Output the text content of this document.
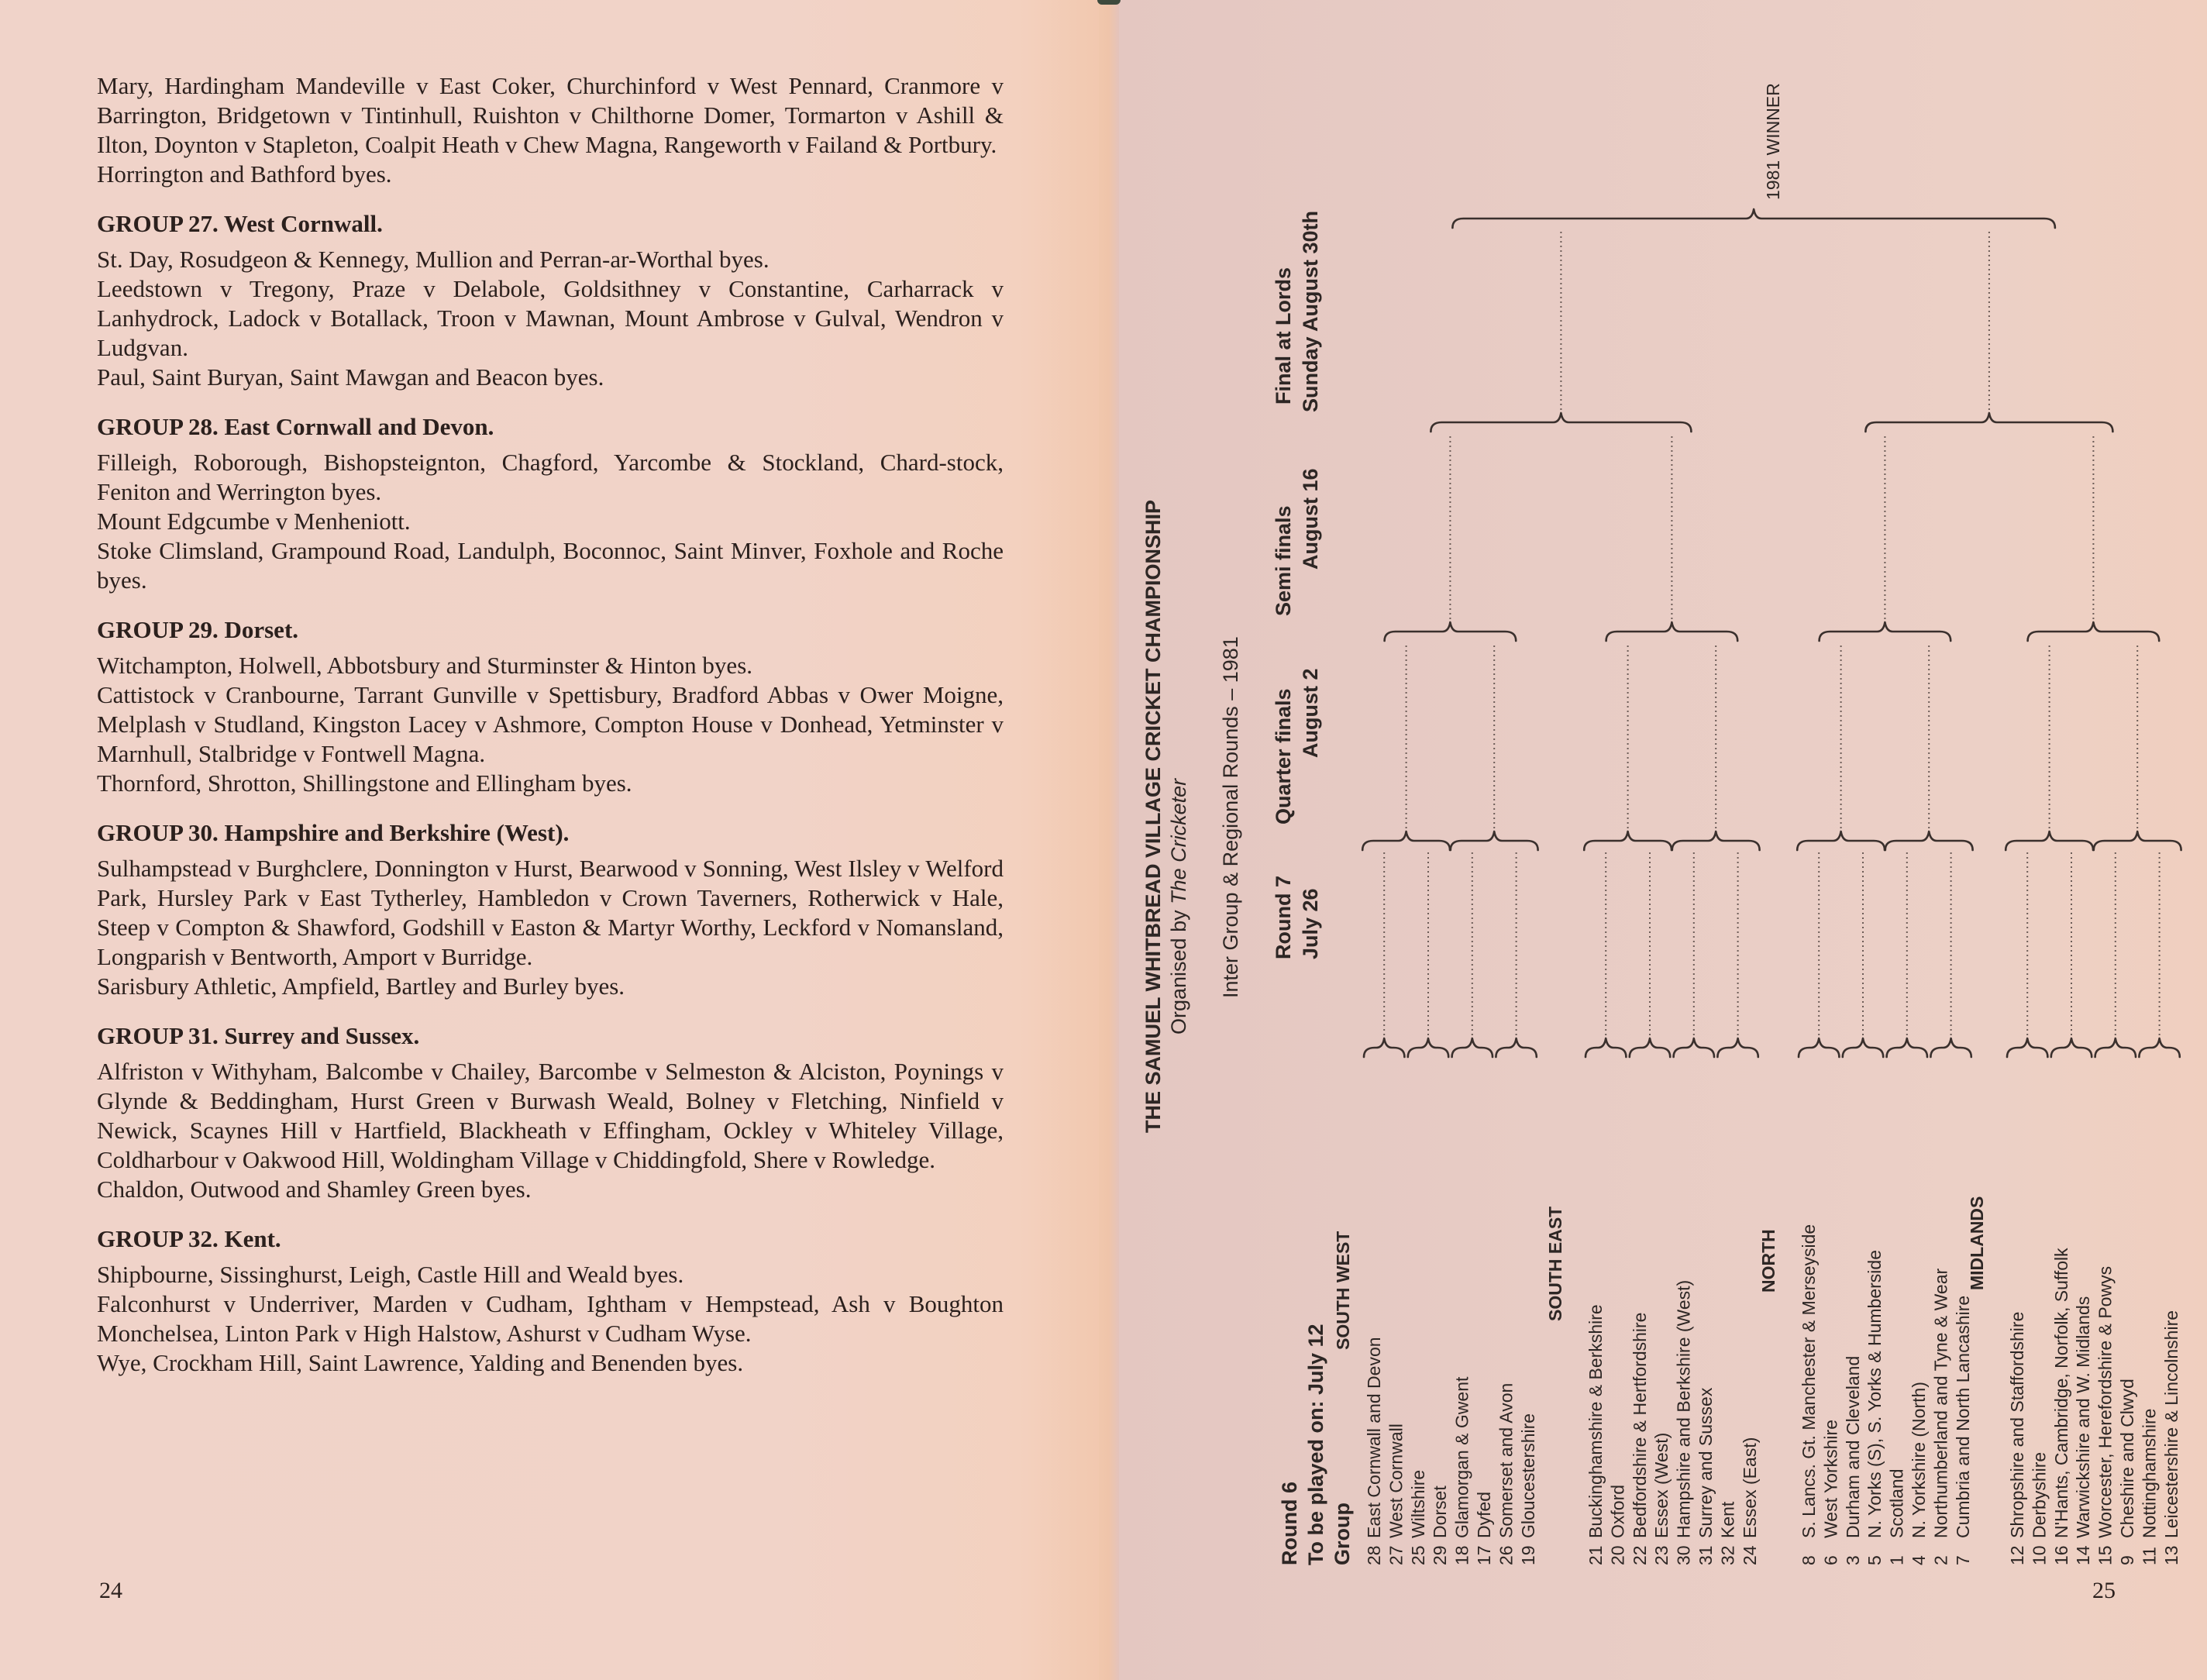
Mary, Hardingham Mandeville v East Coker, Churchinford v West Pennard, Cranmore v Barrington, Bridgetown v Tintinhull, Ruishton v Chilthorne Domer, Tormarton v Ashill & Ilton, Doynton v Stapleton, Coalpit Heath v Chew Magna, Rangeworth v Failand & Portbury.
Horrington and Bathford byes.
GROUP 27. West Cornwall.
St. Day, Rosudgeon & Kennegy, Mullion and Perran-ar-Worthal byes.
Leedstown v Tregony, Praze v Delabole, Goldsithney v Constantine, Carharrack v Lanhydrock, Ladock v Botallack, Troon v Mawnan, Mount Ambrose v Gulval, Wendron v Ludgvan.
Paul, Saint Buryan, Saint Mawgan and Beacon byes.
GROUP 28. East Cornwall and Devon.
Filleigh, Roborough, Bishopsteignton, Chagford, Yarcombe & Stockland, Chard-stock, Feniton and Werrington byes.
Mount Edgcumbe v Menheniott.
Stoke Climsland, Grampound Road, Landulph, Boconnoc, Saint Minver, Foxhole and Roche byes.
GROUP 29. Dorset.
Witchampton, Holwell, Abbotsbury and Sturminster & Hinton byes.
Cattistock v Cranbourne, Tarrant Gunville v Spettisbury, Bradford Abbas v Ower Moigne, Melplash v Studland, Kingston Lacey v Ashmore, Compton House v Donhead, Yetminster v Marnhull, Stalbridge v Fontwell Magna.
Thornford, Shrotton, Shillingstone and Ellingham byes.
GROUP 30. Hampshire and Berkshire (West).
Sulhampstead v Burghclere, Donnington v Hurst, Bearwood v Sonning, West Ilsley v Welford Park, Hursley Park v East Tytherley, Hambledon v Crown Taverners, Rotherwick v Hale, Steep v Compton & Shawford, Godshill v Easton & Martyr Worthy, Leckford v Nomansland, Longparish v Bentworth, Amport v Burridge.
Sarisbury Athletic, Ampfield, Bartley and Burley byes.
GROUP 31. Surrey and Sussex.
Alfriston v Withyham, Balcombe v Chailey, Barcombe v Selmeston & Alciston, Poynings v Glynde & Beddingham, Hurst Green v Burwash Weald, Bolney v Fletching, Ninfield v Newick, Scaynes Hill v Hartfield, Blackheath v Effingham, Ockley v Whiteley Village, Coldharbour v Oakwood Hill, Woldingham Village v Chiddingfold, Shere v Rowledge.
Chaldon, Outwood and Shamley Green byes.
GROUP 32. Kent.
Shipbourne, Sissinghurst, Leigh, Castle Hill and Weald byes.
Falconhurst v Underriver, Marden v Cudham, Ightham v Hempstead, Ash v Boughton Monchelsea, Linton Park v High Halstow, Ashurst v Cudham Wyse.
Wye, Crockham Hill, Saint Lawrence, Yalding and Benenden byes.
24	25
THE SAMUEL WHITBREAD VILLAGE CRICKET CHAMPIONSHIP Organised by The Cricketer Inter Group & Regional Rounds – 1981 Round 7 July 26
Quarter finals August 2
Semi finals August 16
Final at Lords Sunday August 30th
Round 6 To be played on: July 12 Group
1981 WINNER
SOUTH WEST
28
East Cornwall and Devon
27
West Cornwall
25
Wiltshire
29
Dorset
18
Glamorgan & Gwent
17
Dyfed
26
Somerset and Avon
19
Gloucestershire
SOUTH EAST
21
Buckinghamshire & Berkshire
20
Oxford
22
Bedfordshire & Hertfordshire
23
Essex (West)
30
Hampshire and Berkshire (West)
31
Surrey and Sussex
32
Kent
24
Essex (East)
NORTH
8
S. Lancs. Gt. Manchester & Merseyside
6
West Yorkshire
3
Durham and Cleveland
5
N. Yorks (S), S. Yorks & Humberside
1
Scotland
4
N. Yorkshire (North)
2
Northumberland and Tyne & Wear
7
Cumbria and North Lancashire
MIDLANDS
12
Shropshire and Staffordshire
10
Derbyshire
16
N'Hants, Cambridge, Norfolk, Suffolk
14
Warwickshire and W. Midlands
15
Worcester, Herefordshire & Powys
9
Cheshire and Clwyd
11
Nottinghamshire
13
Leicestershire & Lincolnshire
